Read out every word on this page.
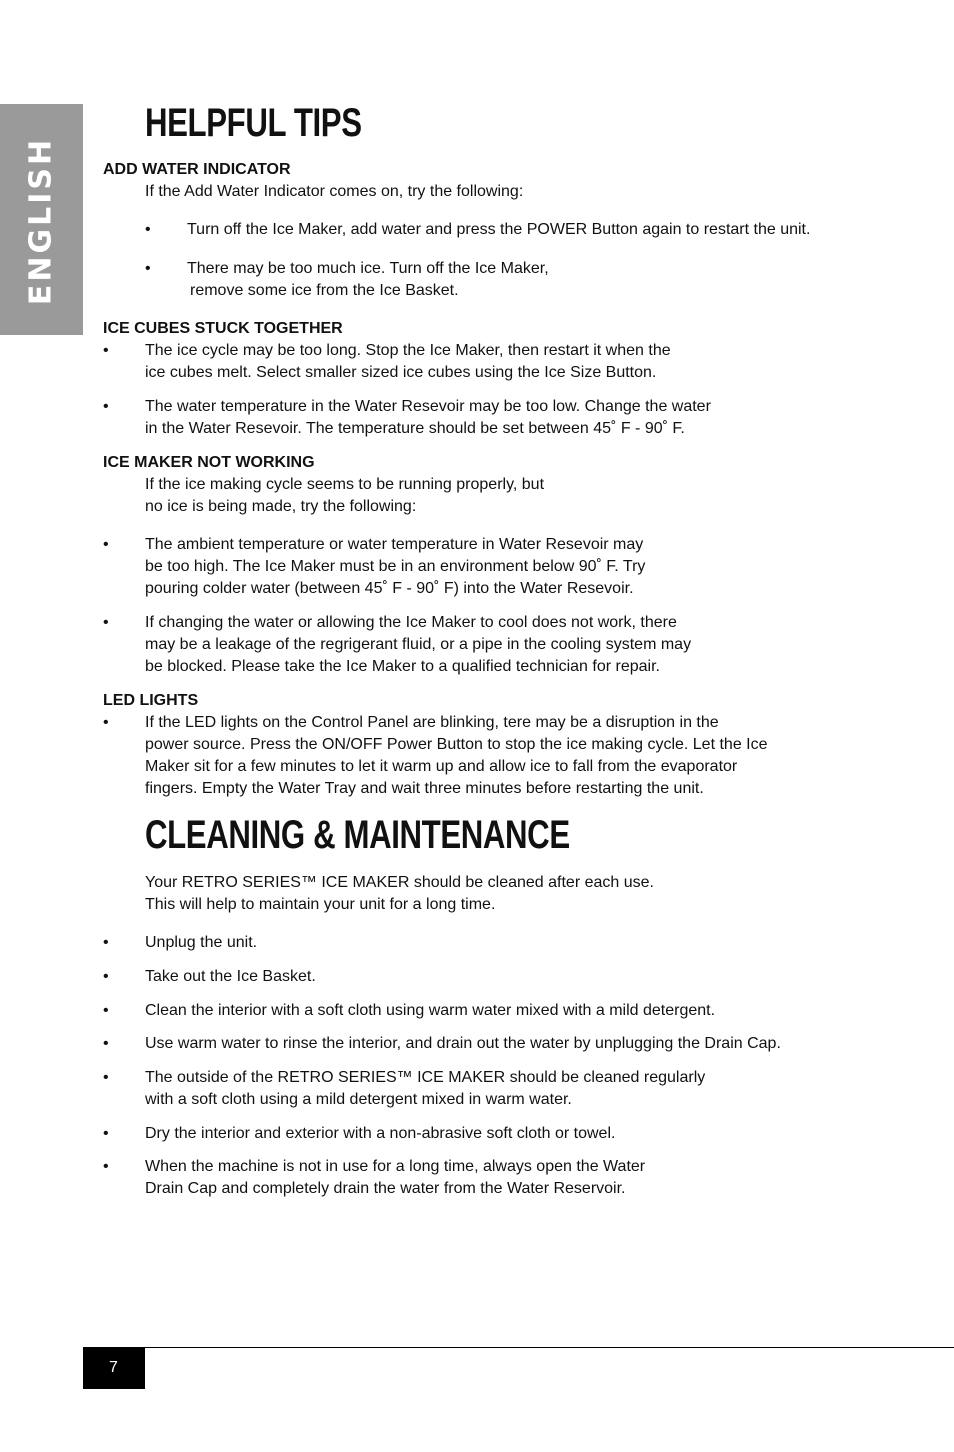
ENGLISH
HELPFUL TIPS
ADD WATER INDICATOR

If the Add Water Indicator comes on, try the following:

• Turn off the Ice Maker, add water and press the POWER Button again to restart the unit.
• There may be too much ice. Turn off the Ice Maker,
remove some ice from the Ice Basket.
ICE CUBES STUCK TOGETHER
• The ice cycle may be too long. Stop the Ice Maker, then restart it when the
ice cubes melt. Select smaller sized ice cubes using the Ice Size Button.
• The water temperature in the Water Resevoir may be too low. Change the water
in the Water Resevoir. The temperature should be set between 45˚ F - 90˚ F.
ICE MAKER NOT WORKING

If the ice making cycle seems to be running properly, but

no ice is being made, try the following:

• The ambient temperature or water temperature in Water Resevoir may
be too high. The Ice Maker must be in an environment below 90˚ F. Try
pouring colder water (between 45˚ F - 90˚ F) into the Water Resevoir.
• If changing the water or allowing the Ice Maker to cool does not work, there
may be a leakage of the regrigerant fluid, or a pipe in the cooling system may
be blocked. Please take the Ice Maker to a qualified technician for repair.
LED LIGHTS
• If the LED lights on the Control Panel are blinking, tere may be a disruption in the
power source. Press the ON/OFF Power Button to stop the ice making cycle. Let the Ice
Maker sit for a few minutes to let it warm up and allow ice to fall from the evaporator
fingers. Empty the Water Tray and wait three minutes before restarting the unit.
CLEANING & MAINTENANCE

Your RETRO SERIES™ ICE MAKER should be cleaned after each use.

This will help to maintain your unit for a long time.

• Unplug the unit.
• Take out the Ice Basket.
• Clean the interior with a soft cloth using warm water mixed with a mild detergent.
• Use warm water to rinse the interior, and drain out the water by unplugging the Drain Cap.
• The outside of the RETRO SERIES™ ICE MAKER should be cleaned regularly
with a soft cloth using a mild detergent mixed in warm water.
• Dry the interior and exterior with a non-abrasive soft cloth or towel.
• When the machine is not in use for a long time, always open the Water
Drain Cap and completely drain the water from the Water Reservoir.
7
